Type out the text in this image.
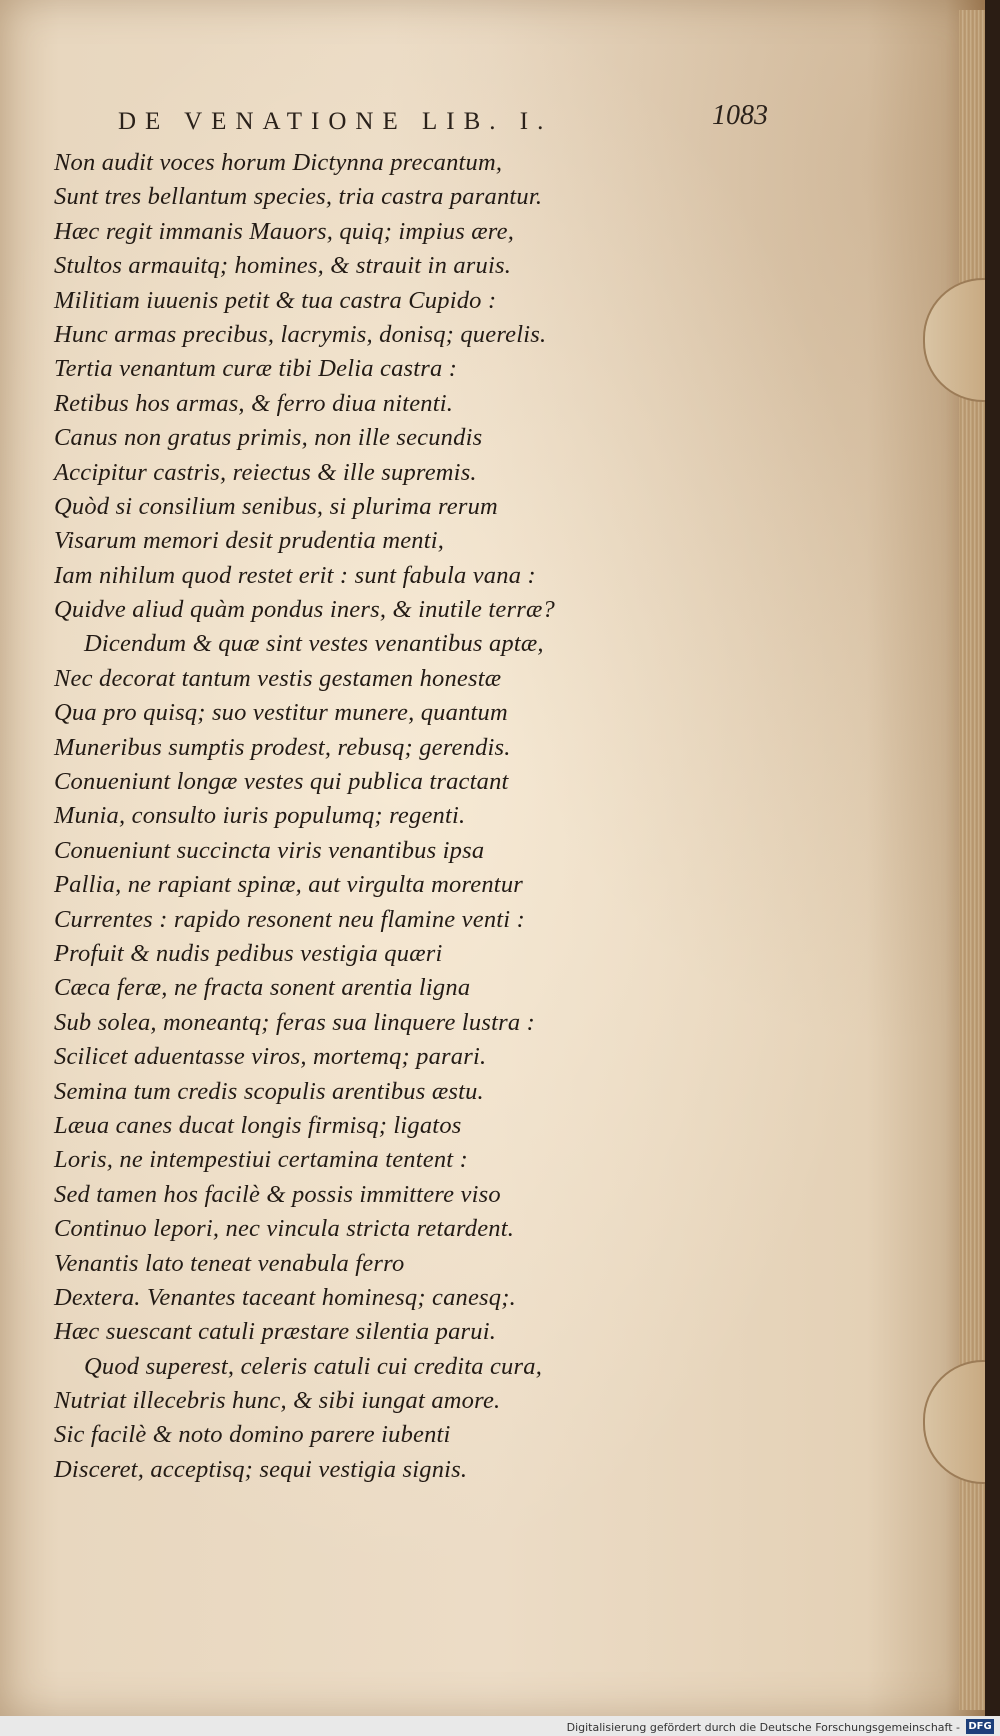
DE VENATIONE LIB. I.	1083
Non audit voces horum Dictynna precantum,
Sunt tres bellantum species, tria castra parantur.
Hæc regit immanis Mauors, quiq; impius ære,
Stultos armauitq; homines, & strauit in aruis.
Militiam iuuenis petit & tua castra Cupido :
Hunc armas precibus, lacrymis, donisq; querelis.
Tertia venantum curæ tibi Delia castra :
Retibus hos armas, & ferro diua nitenti.
Canus non gratus primis, non ille secundis
Accipitur castris, reiectus & ille supremis.
Quòd si consilium senibus, si plurima rerum
Visarum memori desit prudentia menti,
Iam nihilum quod restet erit : sunt fabula vana :
Quidve aliud quàm pondus iners, & inutile terræ?
Dicendum & quæ sint vestes venantibus aptæ,
Nec decorat tantum vestis gestamen honestæ
Qua pro quisq; suo vestitur munere, quantum
Muneribus sumptis prodest, rebusq; gerendis.
Conueniunt longæ vestes qui publica tractant
Munia, consulto iuris populumq; regenti.
Conueniunt succincta viris venantibus ipsa
Pallia, ne rapiant spinæ, aut virgulta morentur
Currentes : rapido resonent neu flamine venti :
Profuit & nudis pedibus vestigia quæri
Cæca feræ, ne fracta sonent arentia ligna
Sub solea, moneantq; feras sua linquere lustra :
Scilicet aduentasse viros, mortemq; parari.
Semina tum credis scopulis arentibus æstu.
Læua canes ducat longis firmisq; ligatos
Loris, ne intempestiui certamina tentent :
Sed tamen hos facilè & possis immittere viso
Continuo lepori, nec vincula stricta retardent.
Venantis lato teneat venabula ferro
Dextera. Venantes taceant hominesq; canesq;.
Hæc suescant catuli præstare silentia parui.
Quod superest, celeris catuli cui credita cura,
Nutriat illecebris hunc, & sibi iungat amore.
Sic facilè & noto domino parere iubenti
Disceret, acceptisq; sequi vestigia signis.
Digitalisierung gefördert durch die Deutsche Forschungsgemeinschaft - DFG
